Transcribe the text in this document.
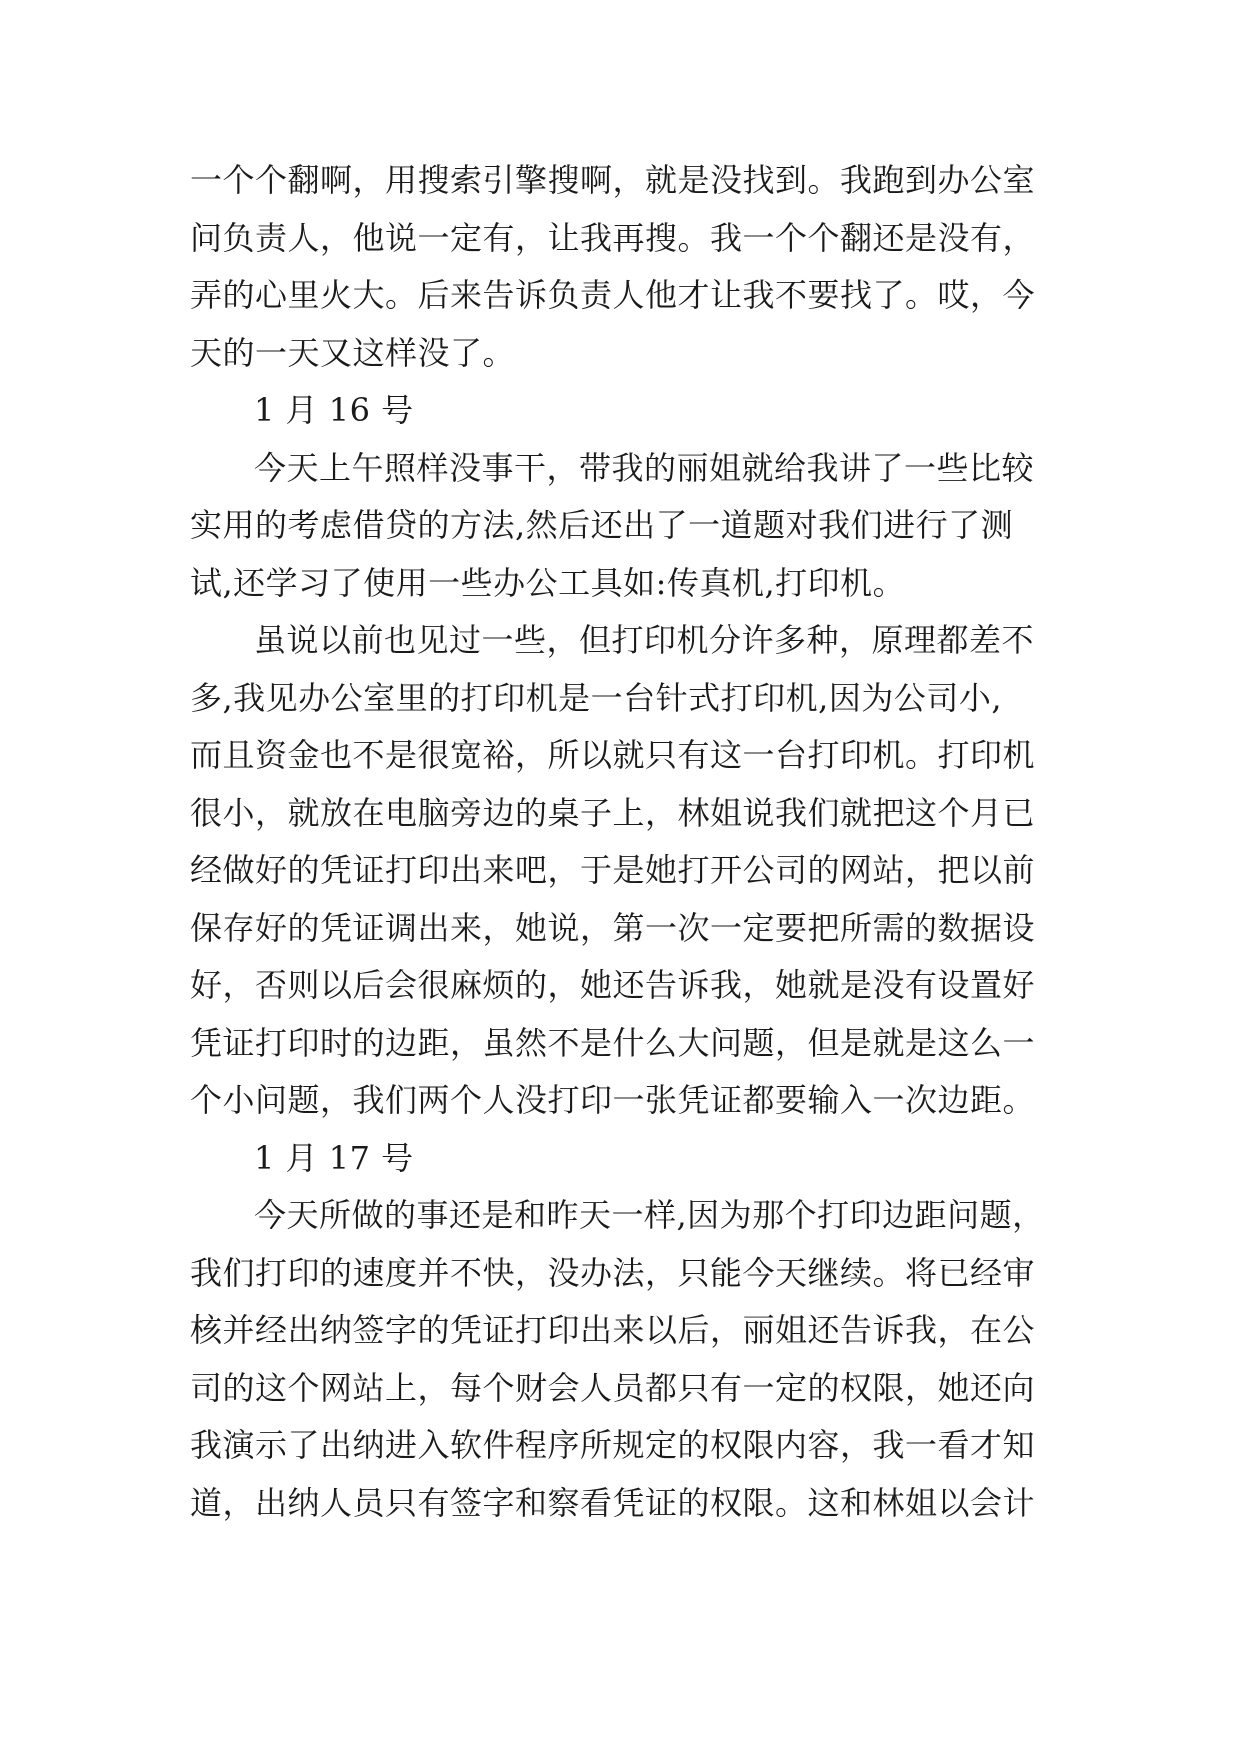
一个个翻啊，用搜索引擎搜啊，就是没找到。我跑到办公室
问负责人，他说一定有，让我再搜。我一个个翻还是没有，
弄的心里火大。后来告诉负责人他才让我不要找了。哎，今
天的一天又这样没了。
1 月 16 号
今天上午照样没事干，带我的丽姐就给我讲了一些比较
实用的考虑借贷的方法,然后还出了一道题对我们进行了测
试,还学习了使用一些办公工具如:传真机,打印机。
虽说以前也见过一些，但打印机分许多种，原理都差不
多,我见办公室里的打印机是一台针式打印机,因为公司小,
而且资金也不是很宽裕，所以就只有这一台打印机。打印机
很小，就放在电脑旁边的桌子上，林姐说我们就把这个月已
经做好的凭证打印出来吧，于是她打开公司的网站，把以前
保存好的凭证调出来，她说，第一次一定要把所需的数据设
好，否则以后会很麻烦的，她还告诉我，她就是没有设置好
凭证打印时的边距，虽然不是什么大问题，但是就是这么一
个小问题，我们两个人没打印一张凭证都要输入一次边距。
1 月 17 号
今天所做的事还是和昨天一样,因为那个打印边距问题，
我们打印的速度并不快，没办法，只能今天继续。将已经审
核并经出纳签字的凭证打印出来以后，丽姐还告诉我，在公
司的这个网站上，每个财会人员都只有一定的权限，她还向
我演示了出纳进入软件程序所规定的权限内容，我一看才知
道，出纳人员只有签字和察看凭证的权限。这和林姐以会计
